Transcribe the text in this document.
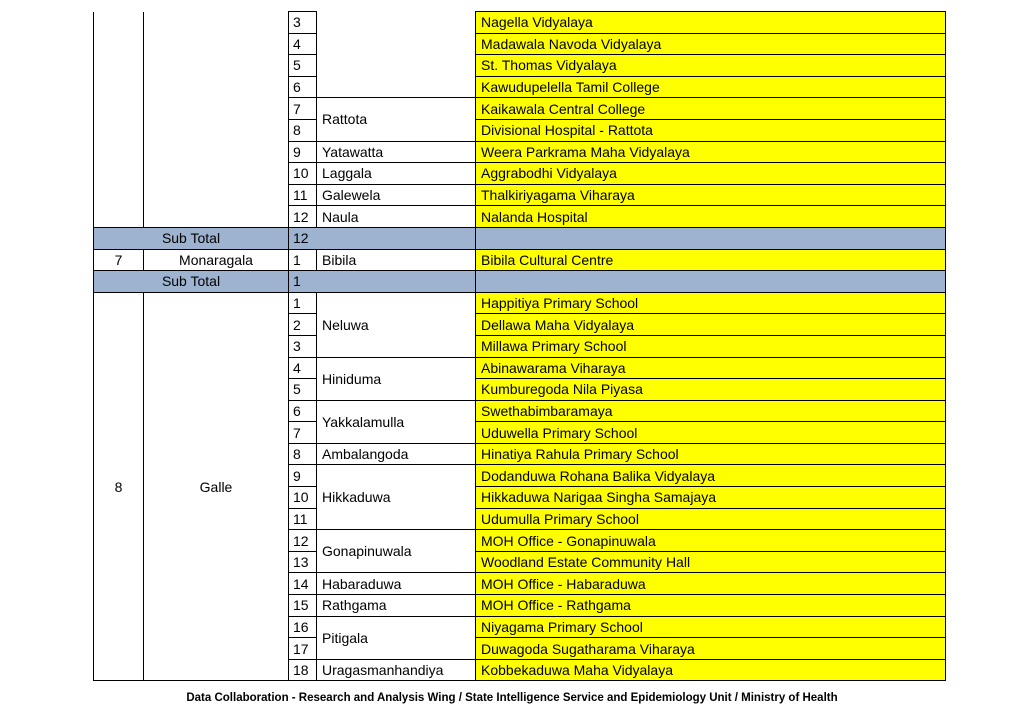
		3		Nagella Vidyalaya
		4		Madawala Navoda Vidyalaya
		5		St. Thomas Vidyalaya
		6		Kawudupelella Tamil College
		7	Rattota	Kaikawala Central College
		8		Divisional Hospital - Rattota
		9	Yatawatta	Weera Parkrama Maha Vidyalaya
		10	Laggala	Aggrabodhi Vidyalaya
		11	Galewela	Thalkiriyagama Viharaya
		12	Naula	Nalanda Hospital
Sub Total		12		
7	Monaragala	1	Bibila	Bibila Cultural Centre
Sub Total		1		
8	Galle	1	Neluwa	Happitiya Primary School
		2		Dellawa Maha Vidyalaya
		3		Millawa Primary School
		4	Hiniduma	Abinawarama Viharaya
		5		Kumburegoda Nila Piyasa
		6	Yakkalamulla	Swethabimbaramaya
		7		Uduwella Primary School
		8	Ambalangoda	Hinatiya Rahula Primary School
		9	Hikkaduwa	Dodanduwa Rohana Balika Vidyalaya
		10		Hikkaduwa Narigaa Singha Samajaya
		11		Udumulla Primary School
		12	Gonapinuwala	MOH Office - Gonapinuwala
		13		Woodland Estate Community Hall
		14	Habaraduwa	MOH Office - Habaraduwa
		15	Rathgama	MOH Office - Rathgama
		16	Pitigala	Niyagama Primary School
		17		Duwagoda Sugatharama Viharaya
		18	Uragasmanhandiya	Kobbekaduwa Maha Vidyalaya
Data Collaboration - Research and Analysis Wing / State Intelligence Service and Epidemiology Unit / Ministry of Health
